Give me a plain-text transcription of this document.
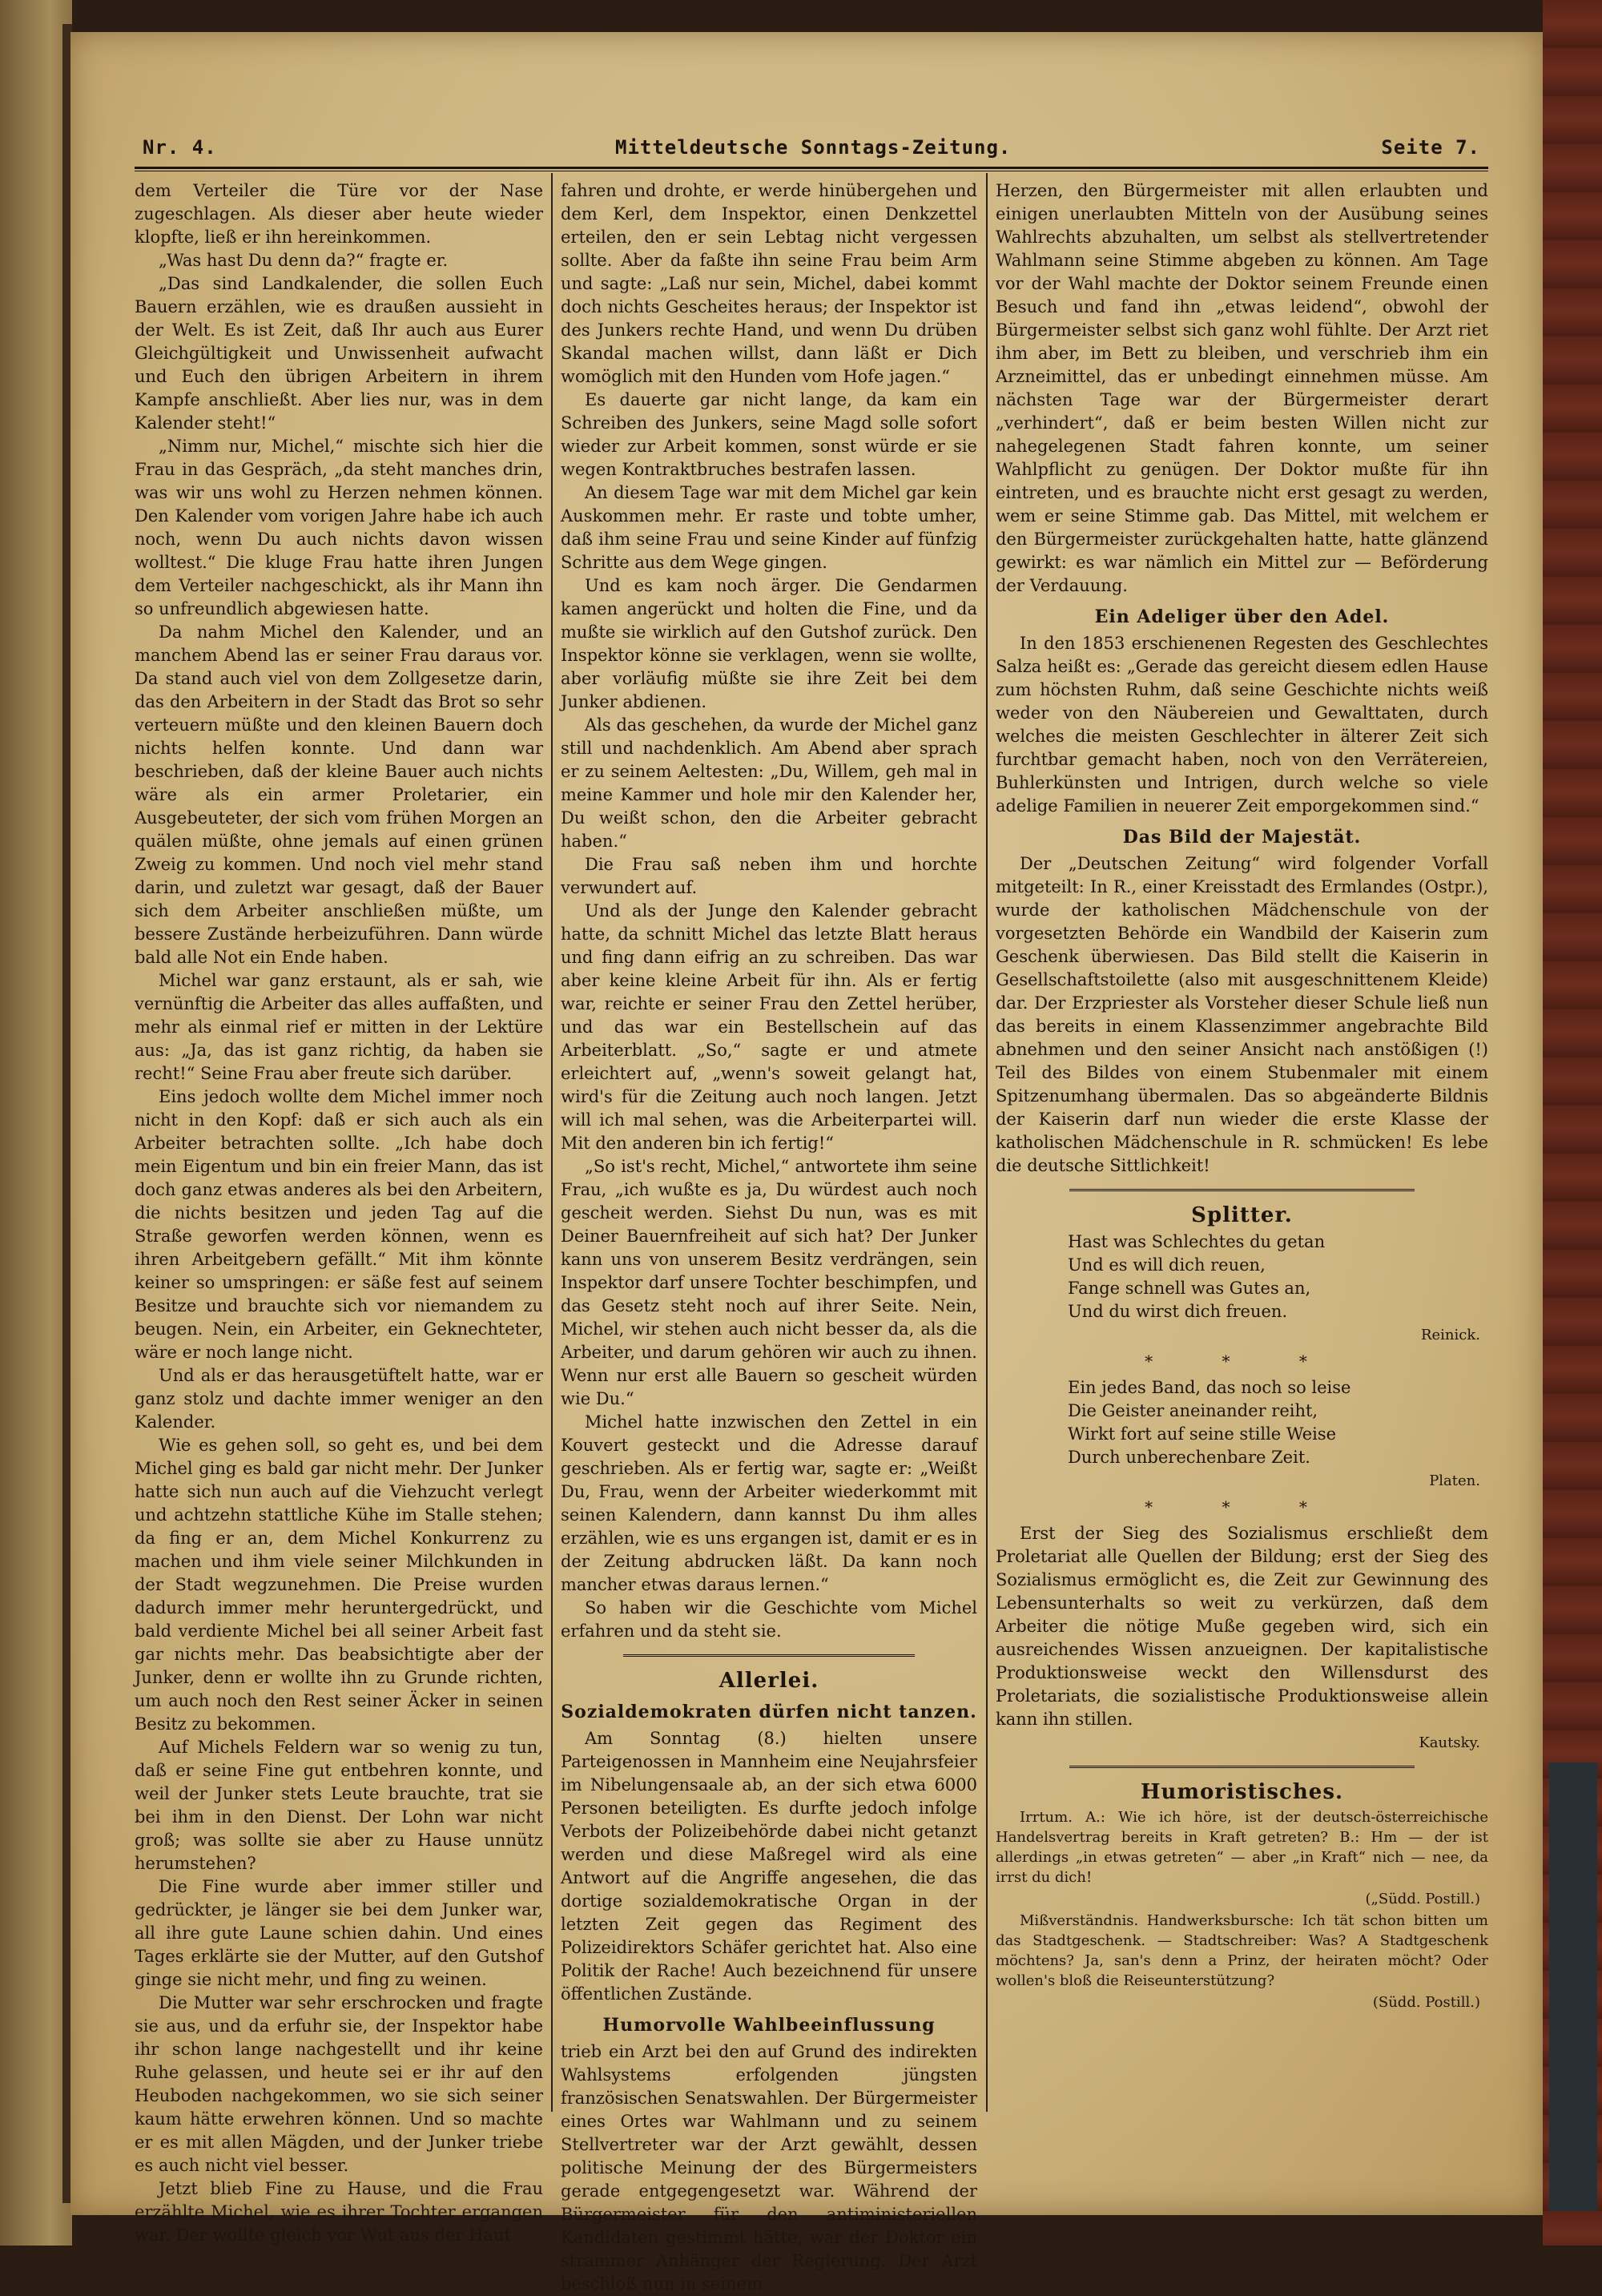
Nr. 4.	Mitteldeutsche Sonntags-Zeitung.	Seite 7.

dem Verteiler die Türe vor der Nase zugeschlagen. Als dieser aber heute wieder klopfte, ließ er ihn hereinkommen.

„Was hast Du denn da?“ fragte er.

„Das sind Landkalender, die sollen Euch Bauern erzählen, wie es draußen aussieht in der Welt. Es ist Zeit, daß Ihr auch aus Eurer Gleichgültigkeit und Unwissenheit aufwacht und Euch den übrigen Arbeitern in ihrem Kampfe anschließt. Aber lies nur, was in dem Kalender steht!“

„Nimm nur, Michel,“ mischte sich hier die Frau in das Gespräch, „da steht manches drin, was wir uns wohl zu Herzen nehmen können. Den Kalender vom vorigen Jahre habe ich auch noch, wenn Du auch nichts davon wissen wolltest.“ Die kluge Frau hatte ihren Jungen dem Verteiler nachgeschickt, als ihr Mann ihn so unfreundlich abgewiesen hatte.

Da nahm Michel den Kalender, und an manchem Abend las er seiner Frau daraus vor. Da stand auch viel von dem Zollgesetze darin, das den Arbeitern in der Stadt das Brot so sehr verteuern müßte und den kleinen Bauern doch nichts helfen konnte. Und dann war beschrieben, daß der kleine Bauer auch nichts wäre als ein armer Proletarier, ein Ausgebeuteter, der sich vom frühen Morgen an quälen müßte, ohne jemals auf einen grünen Zweig zu kommen. Und noch viel mehr stand darin, und zuletzt war gesagt, daß der Bauer sich dem Arbeiter anschließen müßte, um bessere Zustände herbeizuführen. Dann würde bald alle Not ein Ende haben.

Michel war ganz erstaunt, als er sah, wie vernünftig die Arbeiter das alles auffaßten, und mehr als einmal rief er mitten in der Lektüre aus: „Ja, das ist ganz richtig, da haben sie recht!“ Seine Frau aber freute sich darüber.

Eins jedoch wollte dem Michel immer noch nicht in den Kopf: daß er sich auch als ein Arbeiter betrachten sollte. „Ich habe doch mein Eigentum und bin ein freier Mann, das ist doch ganz etwas anderes als bei den Arbeitern, die nichts besitzen und jeden Tag auf die Straße geworfen werden können, wenn es ihren Arbeitgebern gefällt.“ Mit ihm könnte keiner so umspringen: er säße fest auf seinem Besitze und brauchte sich vor niemandem zu beugen. Nein, ein Arbeiter, ein Geknechteter, wäre er noch lange nicht.

Und als er das herausgetüftelt hatte, war er ganz stolz und dachte immer weniger an den Kalender.

Wie es gehen soll, so geht es, und bei dem Michel ging es bald gar nicht mehr. Der Junker hatte sich nun auch auf die Viehzucht verlegt und achtzehn stattliche Kühe im Stalle stehen; da fing er an, dem Michel Konkurrenz zu machen und ihm viele seiner Milchkunden in der Stadt wegzunehmen. Die Preise wurden dadurch immer mehr heruntergedrückt, und bald verdiente Michel bei all seiner Arbeit fast gar nichts mehr. Das beabsichtigte aber der Junker, denn er wollte ihn zu Grunde richten, um auch noch den Rest seiner Äcker in seinen Besitz zu bekommen.

Auf Michels Feldern war so wenig zu tun, daß er seine Fine gut entbehren konnte, und weil der Junker stets Leute brauchte, trat sie bei ihm in den Dienst. Der Lohn war nicht groß; was sollte sie aber zu Hause unnütz herumstehen?

Die Fine wurde aber immer stiller und gedrückter, je länger sie bei dem Junker war, all ihre gute Laune schien dahin. Und eines Tages erklärte sie der Mutter, auf den Gutshof ginge sie nicht mehr, und fing zu weinen.

Die Mutter war sehr erschrocken und fragte sie aus, und da erfuhr sie, der Inspektor habe ihr schon lange nachgestellt und ihr keine Ruhe gelassen, und heute sei er ihr auf den Heuboden nachgekommen, wo sie sich seiner kaum hätte erwehren können. Und so machte er es mit allen Mägden, und der Junker triebe es auch nicht viel besser.

Jetzt blieb Fine zu Hause, und die Frau erzählte Michel, wie es ihrer Tochter ergangen war. Der wollte gleich vor Wut aus der Haut

fahren und drohte, er werde hinübergehen und dem Kerl, dem Inspektor, einen Denkzettel erteilen, den er sein Lebtag nicht vergessen sollte. Aber da faßte ihn seine Frau beim Arm und sagte: „Laß nur sein, Michel, dabei kommt doch nichts Gescheites heraus; der Inspektor ist des Junkers rechte Hand, und wenn Du drüben Skandal machen willst, dann läßt er Dich womöglich mit den Hunden vom Hofe jagen.“

Es dauerte gar nicht lange, da kam ein Schreiben des Junkers, seine Magd solle sofort wieder zur Arbeit kommen, sonst würde er sie wegen Kontraktbruches bestrafen lassen.

An diesem Tage war mit dem Michel gar kein Auskommen mehr. Er raste und tobte umher, daß ihm seine Frau und seine Kinder auf fünfzig Schritte aus dem Wege gingen.

Und es kam noch ärger. Die Gendarmen kamen angerückt und holten die Fine, und da mußte sie wirklich auf den Gutshof zurück. Den Inspektor könne sie verklagen, wenn sie wollte, aber vorläufig müßte sie ihre Zeit bei dem Junker abdienen.

Als das geschehen, da wurde der Michel ganz still und nachdenklich. Am Abend aber sprach er zu seinem Aeltesten: „Du, Willem, geh mal in meine Kammer und hole mir den Kalender her, Du weißt schon, den die Arbeiter gebracht haben.“

Die Frau saß neben ihm und horchte verwundert auf.

Und als der Junge den Kalender gebracht hatte, da schnitt Michel das letzte Blatt heraus und fing dann eifrig an zu schreiben. Das war aber keine kleine Arbeit für ihn. Als er fertig war, reichte er seiner Frau den Zettel herüber, und das war ein Bestellschein auf das Arbeiterblatt. „So,“ sagte er und atmete erleichtert auf, „wenn's soweit gelangt hat, wird's für die Zeitung auch noch langen. Jetzt will ich mal sehen, was die Arbeiterpartei will. Mit den anderen bin ich fertig!“

„So ist's recht, Michel,“ antwortete ihm seine Frau, „ich wußte es ja, Du würdest auch noch gescheit werden. Siehst Du nun, was es mit Deiner Bauernfreiheit auf sich hat? Der Junker kann uns von unserem Besitz verdrängen, sein Inspektor darf unsere Tochter beschimpfen, und das Gesetz steht noch auf ihrer Seite. Nein, Michel, wir stehen auch nicht besser da, als die Arbeiter, und darum gehören wir auch zu ihnen. Wenn nur erst alle Bauern so gescheit würden wie Du.“

Michel hatte inzwischen den Zettel in ein Kouvert gesteckt und die Adresse darauf geschrieben. Als er fertig war, sagte er: „Weißt Du, Frau, wenn der Arbeiter wiederkommt mit seinen Kalendern, dann kannst Du ihm alles erzählen, wie es uns ergangen ist, damit er es in der Zeitung abdrucken läßt. Da kann noch mancher etwas daraus lernen.“

So haben wir die Geschichte vom Michel erfahren und da steht sie.

Allerlei.
Sozialdemokraten dürfen nicht tanzen.

Am Sonntag (8.) hielten unsere Parteigenossen in Mannheim eine Neujahrsfeier im Nibelungensaale ab, an der sich etwa 6000 Personen beteiligten. Es durfte jedoch infolge Verbots der Polizeibehörde dabei nicht getanzt werden und diese Maßregel wird als eine Antwort auf die Angriffe angesehen, die das dortige sozialdemokratische Organ in der letzten Zeit gegen das Regiment des Polizeidirektors Schäfer gerichtet hat. Also eine Politik der Rache! Auch bezeichnend für unsere öffentlichen Zustände.

Humorvolle Wahlbeeinflussung

trieb ein Arzt bei den auf Grund des indirekten Wahlsystems erfolgenden jüngsten französischen Senatswahlen. Der Bürgermeister eines Ortes war Wahlmann und zu seinem Stellvertreter war der Arzt gewählt, dessen politische Meinung der des Bürgermeisters gerade entgegengesetzt war. Während der Bürgermeister für den antiministeriellen Kandidaten gestimmt hätte, war der Doktor ein strammer Anhänger der Regierung. Der Arzt beschloß nun in seinem

Herzen, den Bürgermeister mit allen erlaubten und einigen unerlaubten Mitteln von der Ausübung seines Wahlrechts abzuhalten, um selbst als stellvertretender Wahlmann seine Stimme abgeben zu können. Am Tage vor der Wahl machte der Doktor seinem Freunde einen Besuch und fand ihn „etwas leidend“, obwohl der Bürgermeister selbst sich ganz wohl fühlte. Der Arzt riet ihm aber, im Bett zu bleiben, und verschrieb ihm ein Arzneimittel, das er unbedingt einnehmen müsse. Am nächsten Tage war der Bürgermeister derart „verhindert“, daß er beim besten Willen nicht zur nahegelegenen Stadt fahren konnte, um seiner Wahlpflicht zu genügen. Der Doktor mußte für ihn eintreten, und es brauchte nicht erst gesagt zu werden, wem er seine Stimme gab. Das Mittel, mit welchem er den Bürgermeister zurückgehalten hatte, hatte glänzend gewirkt: es war nämlich ein Mittel zur — Beförderung der Verdauung.

Ein Adeliger über den Adel.

In den 1853 erschienenen Regesten des Geschlechtes Salza heißt es: „Gerade das gereicht diesem edlen Hause zum höchsten Ruhm, daß seine Geschichte nichts weiß weder von den Näubereien und Gewalttaten, durch welches die meisten Geschlechter in älterer Zeit sich furchtbar gemacht haben, noch von den Verrätereien, Buhlerkünsten und Intrigen, durch welche so viele adelige Familien in neuerer Zeit emporgekommen sind.“

Das Bild der Majestät.

Der „Deutschen Zeitung“ wird folgender Vorfall mitgeteilt: In R., einer Kreisstadt des Ermlandes (Ostpr.), wurde der katholischen Mädchenschule von der vorgesetzten Behörde ein Wandbild der Kaiserin zum Geschenk überwiesen. Das Bild stellt die Kaiserin in Gesellschaftstoilette (also mit ausgeschnittenem Kleide) dar. Der Erzpriester als Vorsteher dieser Schule ließ nun das bereits in einem Klassenzimmer angebrachte Bild abnehmen und den seiner Ansicht nach anstößigen (!) Teil des Bildes von einem Stubenmaler mit einem Spitzenumhang übermalen. Das so abgeänderte Bildnis der Kaiserin darf nun wieder die erste Klasse der katholischen Mädchenschule in R. schmücken! Es lebe die deutsche Sittlichkeit!

Splitter.
Hast was Schlechtes du getan
Und es will dich reuen,
Fange schnell was Gutes an,
Und du wirst dich freuen.
Reinick.
* * *
Ein jedes Band, das noch so leise
Die Geister aneinander reiht,
Wirkt fort auf seine stille Weise
Durch unberechenbare Zeit.
Platen.
* * *

Erst der Sieg des Sozialismus erschließt dem Proletariat alle Quellen der Bildung; erst der Sieg des Sozialismus ermöglicht es, die Zeit zur Gewinnung des Lebensunterhalts so weit zu verkürzen, daß dem Arbeiter die nötige Muße gegeben wird, sich ein ausreichendes Wissen anzueignen. Der kapitalistische Produktionsweise weckt den Willensdurst des Proletariats, die sozialistische Produktionsweise allein kann ihn stillen.

Kautsky.
Humoristisches.

Irrtum. A.: Wie ich höre, ist der deutsch-österreichische Handelsvertrag bereits in Kraft getreten? B.: Hm — der ist allerdings „in etwas getreten“ — aber „in Kraft“ nich — nee, da irrst du dich!

(„Südd. Postill.)

Mißverständnis. Handwerksbursche: Ich tät schon bitten um das Stadtgeschenk. — Stadtschreiber: Was? A Stadtgeschenk möchtens? Ja, san's denn a Prinz, der heiraten möcht? Oder wollen's bloß die Reiseunterstützung?

(Südd. Postill.)
